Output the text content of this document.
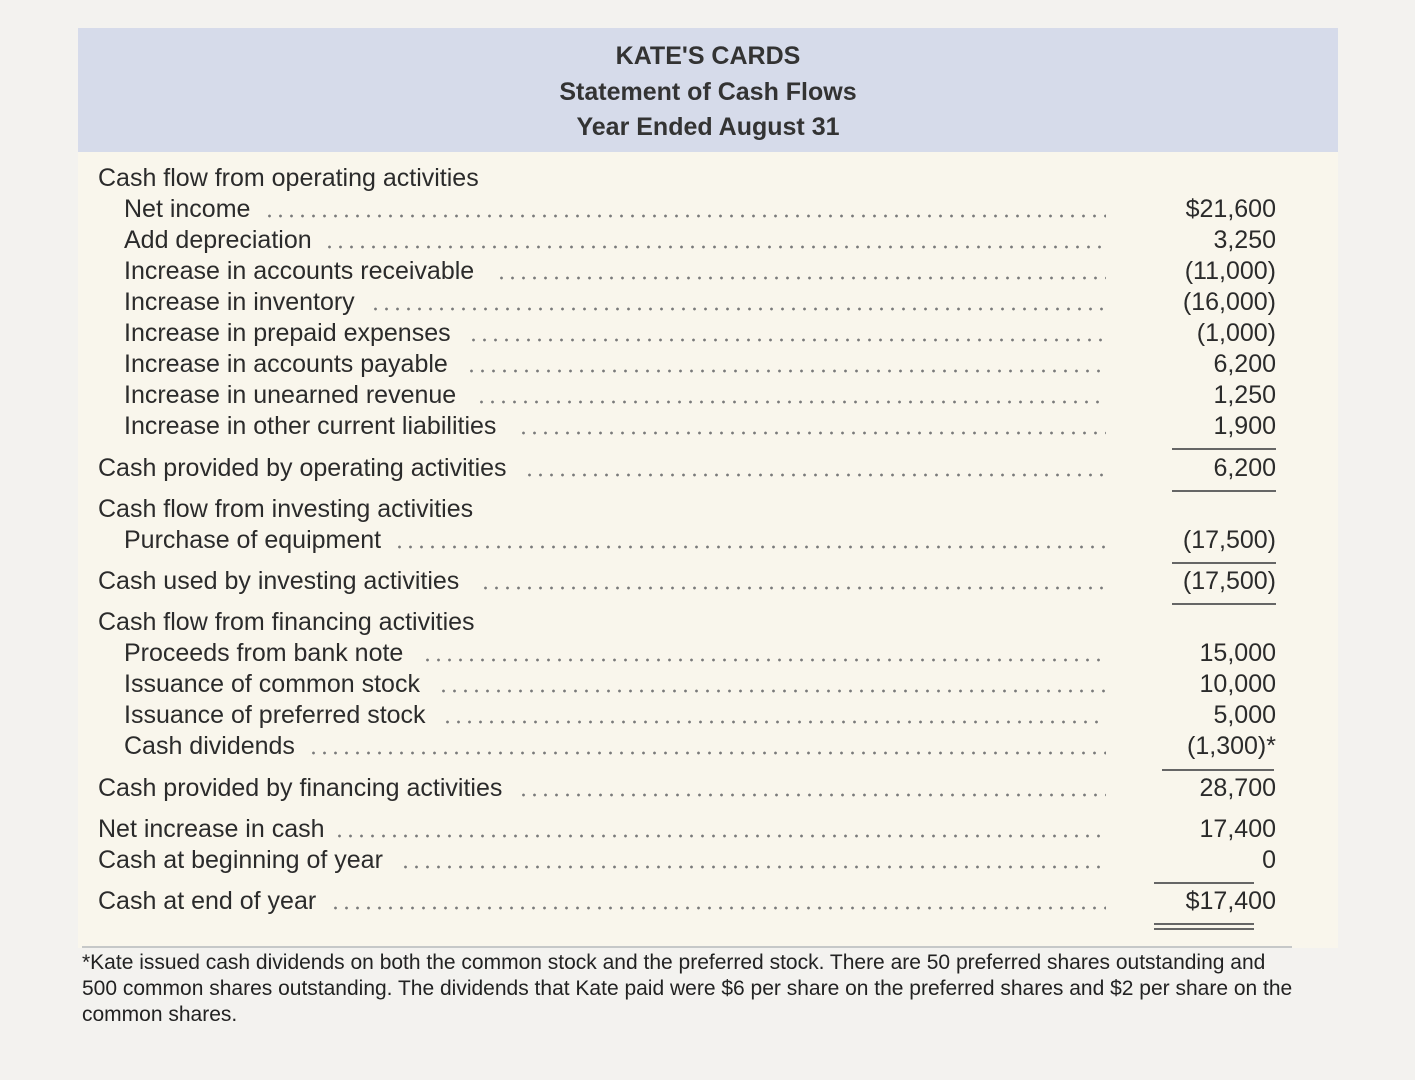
KATE'S CARDS
Statement of Cash Flows
Year Ended August 31
Cash flow from operating activities
Net income	$21,600
Add depreciation	3,250
Increase in accounts receivable	(11,000)
Increase in inventory	(16,000)
Increase in prepaid expenses	(1,000)
Increase in accounts payable	6,200
Increase in unearned revenue	1,250
Increase in other current liabilities	1,900
Cash provided by operating activities	6,200
Cash flow from investing activities
Purchase of equipment	(17,500)
Cash used by investing activities	(17,500)
Cash flow from financing activities
Proceeds from bank note	15,000
Issuance of common stock	10,000
Issuance of preferred stock	5,000
Cash dividends	(1,300)*
Cash provided by financing activities	28,700
Net increase in cash	17,400
Cash at beginning of year	0
Cash at end of year	$17,400
*Kate issued cash dividends on both the common stock and the preferred stock. There are 50 preferred shares outstanding and 500 common shares outstanding. The dividends that Kate paid were $6 per share on the preferred shares and $2 per share on the common shares.
